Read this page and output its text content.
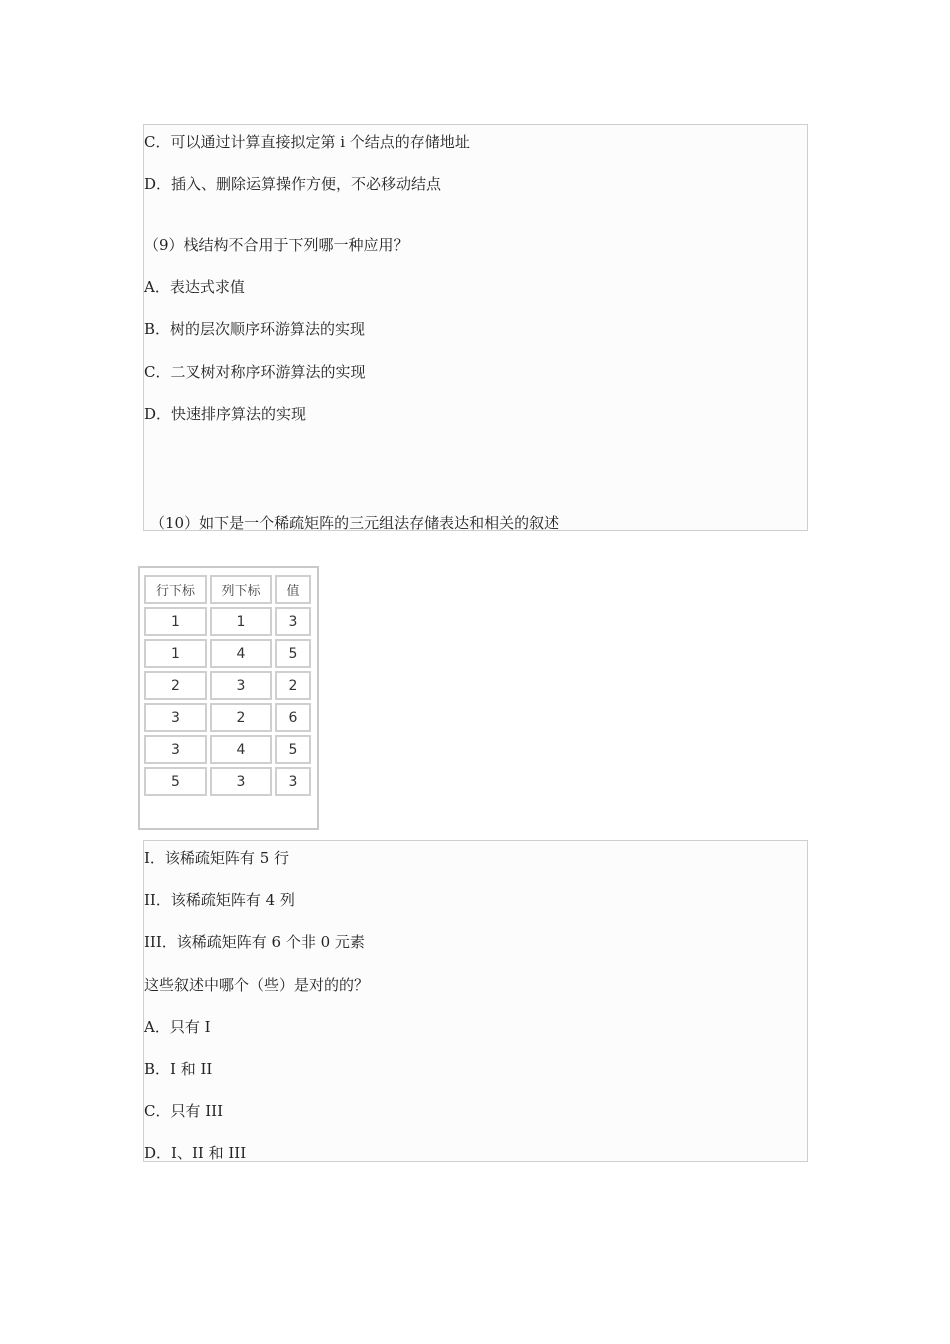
C．可以通过计算直接拟定第 i 个结点的存储地址
D．插入、删除运算操作方便，不必移动结点
（9）栈结构不合用于下列哪一种应用？
A．表达式求值
B．树的层次顺序环游算法的实现
C．二叉树对称序环游算法的实现
D．快速排序算法的实现
（10）如下是一个稀疏矩阵的三元组法存储表达和相关的叙述
行下标	列下标	值
1	1	3
1	4	5
2	3	2
3	2	6
3	4	5
5	3	3
I．该稀疏矩阵有 5 行
II．该稀疏矩阵有 4 列
III．该稀疏矩阵有 6 个非 0 元素
这些叙述中哪个（些）是对的的？
A．只有 I
B．I 和 II
C．只有 III
D．I、II 和 III
